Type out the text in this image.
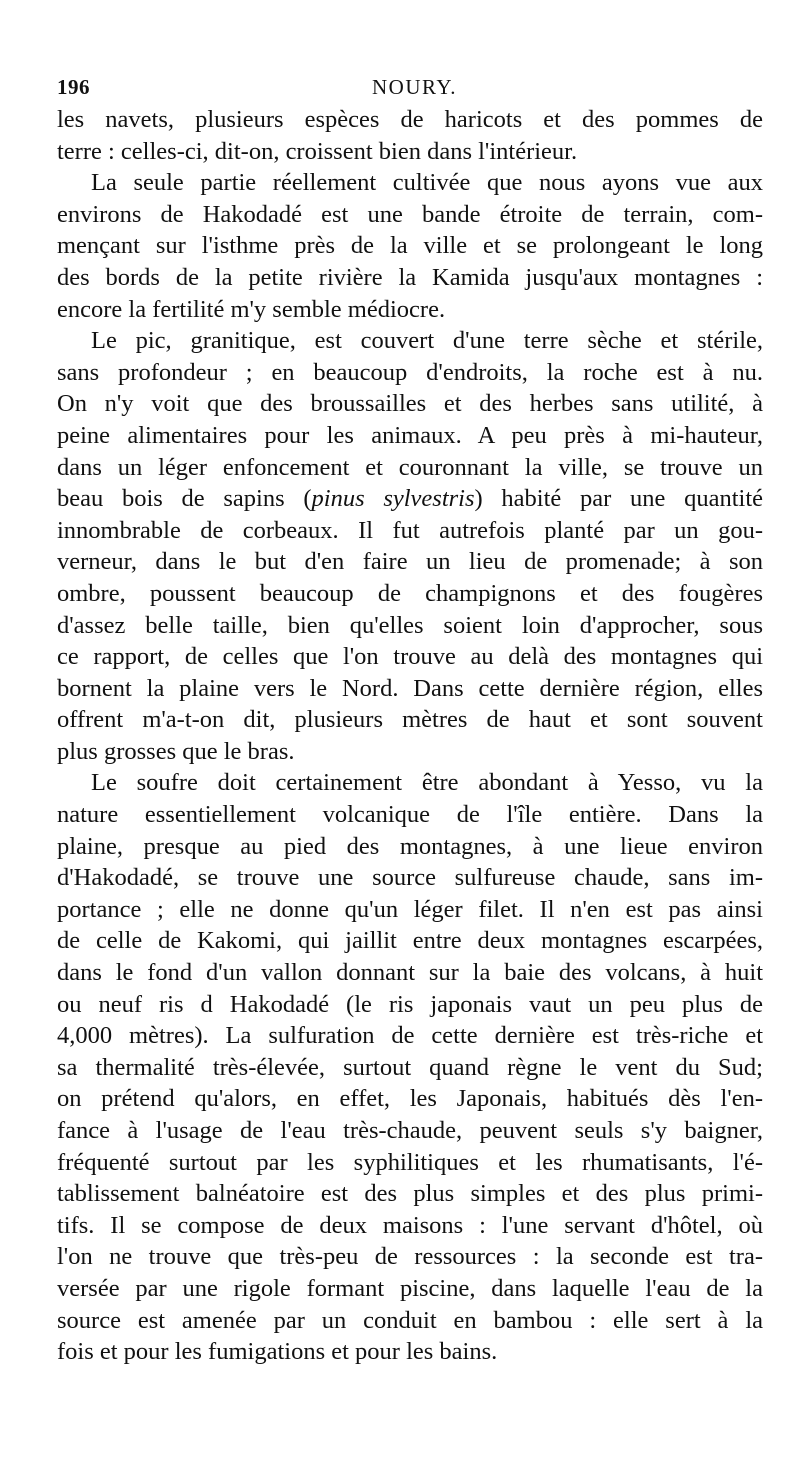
196	NOURY.
les navets, plusieurs espèces de haricots et des pommes de
terre : celles-ci, dit-on, croissent bien dans l'intérieur.
La seule partie réellement cultivée que nous ayons vue aux
environs de Hakodadé est une bande étroite de terrain, com-
mençant sur l'isthme près de la ville et se prolongeant le long
des bords de la petite rivière la Kamida jusqu'aux montagnes :
encore la fertilité m'y semble médiocre.
Le pic, granitique, est couvert d'une terre sèche et stérile,
sans profondeur ; en beaucoup d'endroits, la roche est à nu.
On n'y voit que des broussailles et des herbes sans utilité, à
peine alimentaires pour les animaux. A peu près à mi-hauteur,
dans un léger enfoncement et couronnant la ville, se trouve un
beau bois de sapins (pinus sylvestris) habité par une quantité
innombrable de corbeaux. Il fut autrefois planté par un gou-
verneur, dans le but d'en faire un lieu de promenade; à son
ombre, poussent beaucoup de champignons et des fougères
d'assez belle taille, bien qu'elles soient loin d'approcher, sous
ce rapport, de celles que l'on trouve au delà des montagnes qui
bornent la plaine vers le Nord. Dans cette dernière région, elles
offrent m'a-t-on dit, plusieurs mètres de haut et sont souvent
plus grosses que le bras.
Le soufre doit certainement être abondant à Yesso, vu la
nature essentiellement volcanique de l'île entière. Dans la
plaine, presque au pied des montagnes, à une lieue environ
d'Hakodadé, se trouve une source sulfureuse chaude, sans im-
portance ; elle ne donne qu'un léger filet. Il n'en est pas ainsi
de celle de Kakomi, qui jaillit entre deux montagnes escarpées,
dans le fond d'un vallon donnant sur la baie des volcans, à huit
ou neuf ris d Hakodadé (le ris japonais vaut un peu plus de
4,000 mètres). La sulfuration de cette dernière est très-riche et
sa thermalité très-élevée, surtout quand règne le vent du Sud;
on prétend qu'alors, en effet, les Japonais, habitués dès l'en-
fance à l'usage de l'eau très-chaude, peuvent seuls s'y baigner,
fréquenté surtout par les syphilitiques et les rhumatisants, l'é-
tablissement balnéatoire est des plus simples et des plus primi-
tifs. Il se compose de deux maisons : l'une servant d'hôtel, où
l'on ne trouve que très-peu de ressources : la seconde est tra-
versée par une rigole formant piscine, dans laquelle l'eau de la
source est amenée par un conduit en bambou : elle sert à la
fois et pour les fumigations et pour les bains.
